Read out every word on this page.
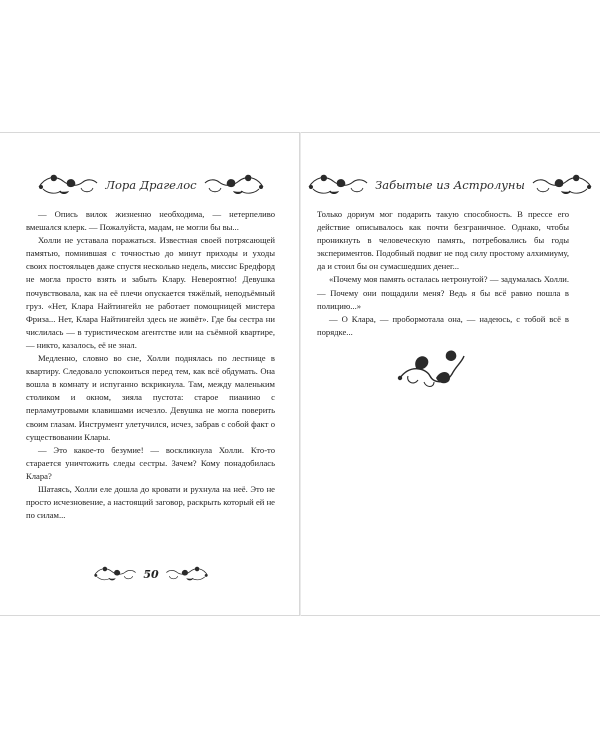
Лора Драгелос

— Опись вилок жизненно необходима, — нетерпеливо вмешался клерк. — Пожалуйста, мадам, не могли бы вы...

Холли не уставала поражаться. Известная своей потрясающей памятью, помнившая с точностью до минут приходы и уходы своих постояльцев даже спустя несколько недель, миссис Бредфорд не могла просто взять и забыть Клару. Невероятно! Девушка почувствовала, как на её плечи опускается тяжёлый, неподъёмный груз. «Нет, Клара Найтингейл не работает помощницей мистера Фриза... Нет, Клара Найтингейл здесь не живёт». Где бы сестра ни числилась — в туристическом агентстве или на съёмной квартире, — никто, казалось, её не знал.

Медленно, словно во сне, Холли поднялась по лестнице в квартиру. Следовало успокоиться перед тем, как всё обдумать. Она вошла в комнату и испуганно вскрикнула. Там, между маленьким столиком и окном, зияла пустота: старое пианино с перламутровыми клавишами исчезло. Девушка не могла поверить своим глазам. Инструмент улетучился, исчез, забрав с собой факт о существовании Клары.

— Это какое-то безумие! — воскликнула Холли. Кто-то старается уничтожить следы сестры. Зачем? Кому понадобилась Клара?

Шатаясь, Холли еле дошла до кровати и рухнула на неё. Это не просто исчезновение, а настоящий заговор, раскрыть который ей не по силам...

50
Забытые из Астролуны

Только дориум мог подарить такую способность. В прессе его действие описывалось как почти безграничное. Однако, чтобы проникнуть в человеческую память, потребовались бы годы экспериментов. Подобный подвиг не под силу простому алхимиуму, да и стоил бы он сумасшедших денег...

«Почему моя память осталась нетронутой? — задумалась Холли. — Почему они пощадили меня? Ведь я бы всё равно пошла в полицию...»

— О Клара, — пробормотала она, — надеюсь, с тобой всё в порядке...
